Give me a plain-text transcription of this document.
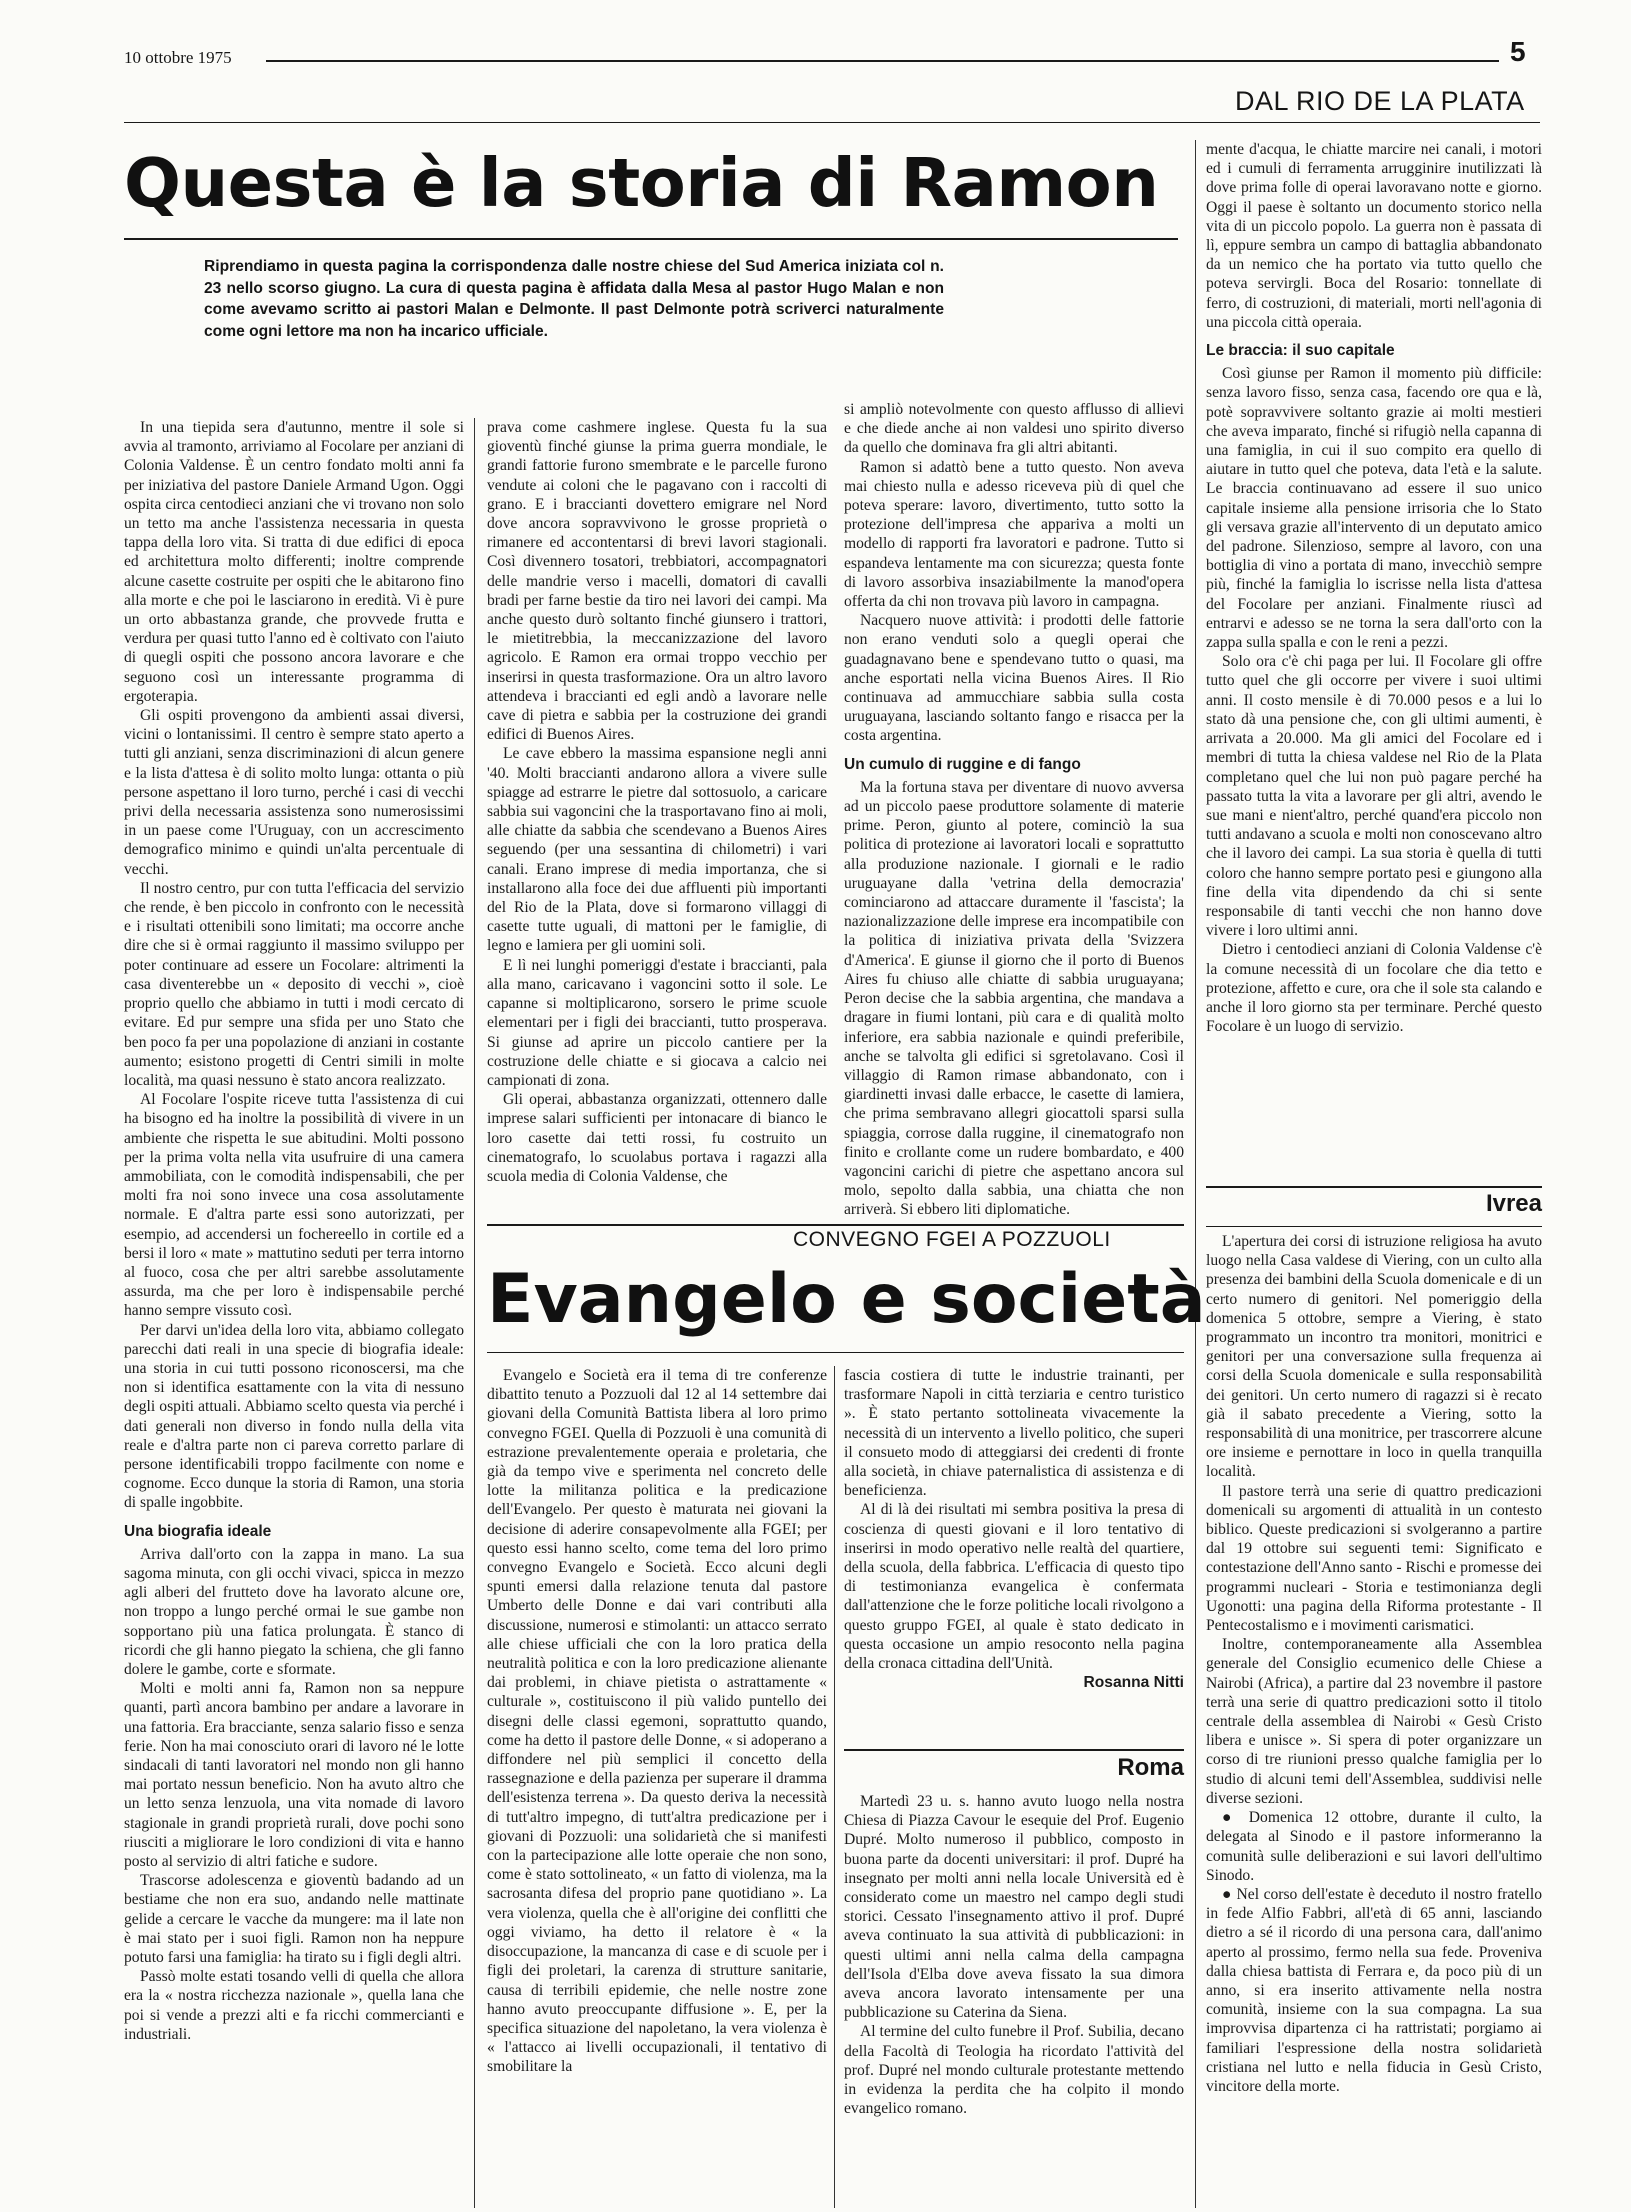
10 ottobre 1975	5
DAL RIO DE LA PLATA
Questa è la storia di Ramon
Riprendiamo in questa pagina la corrispondenza dalle nostre chiese del Sud America iniziata col n. 23 nello scorso giugno. La cura di questa pagina è affidata dalla Mesa al pastor Hugo Malan e non come avevamo scritto ai pastori Malan e Delmonte. Il past Delmonte potrà scriverci naturalmente come ogni lettore ma non ha incarico ufficiale.

In una tiepida sera d'autunno, mentre il sole si avvia al tramonto, arriviamo al Focolare per anziani di Colonia Valdense. È un centro fondato molti anni fa per iniziativa del pastore Daniele Armand Ugon. Oggi ospita circa centodieci anziani che vi trovano non solo un tetto ma anche l'assistenza necessaria in questa tappa della loro vita. Si tratta di due edifici di epoca ed architettura molto differenti; inoltre comprende alcune casette costruite per ospiti che le abitarono fino alla morte e che poi le lasciarono in eredità. Vi è pure un orto abbastanza grande, che provvede frutta e verdura per quasi tutto l'anno ed è coltivato con l'aiuto di quegli ospiti che possono ancora lavorare e che seguono così un interessante programma di ergoterapia.

Gli ospiti provengono da ambienti assai diversi, vicini o lontanissimi. Il centro è sempre stato aperto a tutti gli anziani, senza discriminazioni di alcun genere e la lista d'attesa è di solito molto lunga: ottanta o più persone aspettano il loro turno, perché i casi di vecchi privi della necessaria assistenza sono numerosissimi in un paese come l'Uruguay, con un accrescimento demografico minimo e quindi un'alta percentuale di vecchi.

Il nostro centro, pur con tutta l'efficacia del servizio che rende, è ben piccolo in confronto con le necessità e i risultati ottenibili sono limitati; ma occorre anche dire che si è ormai raggiunto il massimo sviluppo per poter continuare ad essere un Focolare: altrimenti la casa diventerebbe un « deposito di vecchi », cioè proprio quello che abbiamo in tutti i modi cercato di evitare. Ed pur sempre una sfida per uno Stato che ben poco fa per una popolazione di anziani in costante aumento; esistono progetti di Centri simili in molte località, ma quasi nessuno è stato ancora realizzato.

Al Focolare l'ospite riceve tutta l'assistenza di cui ha bisogno ed ha inoltre la possibilità di vivere in un ambiente che rispetta le sue abitudini. Molti possono per la prima volta nella vita usufruire di una camera ammobiliata, con le comodità indispensabili, che per molti fra noi sono invece una cosa assolutamente normale. E d'altra parte essi sono autorizzati, per esempio, ad accendersi un fochereello in cortile ed a bersi il loro « mate » mattutino seduti per terra intorno al fuoco, cosa che per altri sarebbe assolutamente assurda, ma che per loro è indispensabile perché hanno sempre vissuto così.

Per darvi un'idea della loro vita, abbiamo collegato parecchi dati reali in una specie di biografia ideale: una storia in cui tutti possono riconoscersi, ma che non si identifica esattamente con la vita di nessuno degli ospiti attuali. Abbiamo scelto questa via perché i dati generali non diverso in fondo nulla della vita reale e d'altra parte non ci pareva corretto parlare di persone identificabili troppo facilmente con nome e cognome. Ecco dunque la storia di Ramon, una storia di spalle ingobbite.

Una biografia ideale

Arriva dall'orto con la zappa in mano. La sua sagoma minuta, con gli occhi vivaci, spicca in mezzo agli alberi del frutteto dove ha lavorato alcune ore, non troppo a lungo perché ormai le sue gambe non sopportano più una fatica prolungata. È stanco di ricordi che gli hanno piegato la schiena, che gli fanno dolere le gambe, corte e sformate.

Molti e molti anni fa, Ramon non sa neppure quanti, partì ancora bambino per andare a lavorare in una fattoria. Era bracciante, senza salario fisso e senza ferie. Non ha mai conosciuto orari di lavoro né le lotte sindacali di tanti lavoratori nel mondo non gli hanno mai portato nessun beneficio. Non ha avuto altro che un letto senza lenzuola, una vita nomade di lavoro stagionale in grandi proprietà rurali, dove pochi sono riusciti a migliorare le loro condizioni di vita e hanno posto al servizio di altri fatiche e sudore.

Trascorse adolescenza e gioventù badando ad un bestiame che non era suo, andando nelle mattinate gelide a cercare le vacche da mungere: ma il late non è mai stato per i suoi figli. Ramon non ha neppure potuto farsi una famiglia: ha tirato su i figli degli altri.

Passò molte estati tosando velli di quella che allora era la « nostra ricchezza nazionale », quella lana che poi si vende a prezzi alti e fa ricchi commercianti e industriali.

prava come cashmere inglese. Questa fu la sua gioventù finché giunse la prima guerra mondiale, le grandi fattorie furono smembrate e le parcelle furono vendute ai coloni che le pagavano con i raccolti di grano. E i braccianti dovettero emigrare nel Nord dove ancora sopravvivono le grosse proprietà o rimanere ed accontentarsi di brevi lavori stagionali. Così divennero tosatori, trebbiatori, accompagnatori delle mandrie verso i macelli, domatori di cavalli bradi per farne bestie da tiro nei lavori dei campi. Ma anche questo durò soltanto finché giunsero i trattori, le mietitrebbia, la meccanizzazione del lavoro agricolo. E Ramon era ormai troppo vecchio per inserirsi in questa trasformazione. Ora un altro lavoro attendeva i braccianti ed egli andò a lavorare nelle cave di pietra e sabbia per la costruzione dei grandi edifici di Buenos Aires.

Le cave ebbero la massima espansione negli anni '40. Molti braccianti andarono allora a vivere sulle spiagge ad estrarre le pietre dal sottosuolo, a caricare sabbia sui vagoncini che la trasportavano fino ai moli, alle chiatte da sabbia che scendevano a Buenos Aires seguendo (per una sessantina di chilometri) i vari canali. Erano imprese di media importanza, che si installarono alla foce dei due affluenti più importanti del Rio de la Plata, dove si formarono villaggi di casette tutte uguali, di mattoni per le famiglie, di legno e lamiera per gli uomini soli.

E lì nei lunghi pomeriggi d'estate i braccianti, pala alla mano, caricavano i vagoncini sotto il sole. Le capanne si moltiplicarono, sorsero le prime scuole elementari per i figli dei braccianti, tutto prosperava. Si giunse ad aprire un piccolo cantiere per la costruzione delle chiatte e si giocava a calcio nei campionati di zona.

Gli operai, abbastanza organizzati, ottennero dalle imprese salari sufficienti per intonacare di bianco le loro casette dai tetti rossi, fu costruito un cinematografo, lo scuolabus portava i ragazzi alla scuola media di Colonia Valdense, che

si ampliò notevolmente con questo afflusso di allievi e che diede anche ai non valdesi uno spirito diverso da quello che dominava fra gli altri abitanti.

Ramon si adattò bene a tutto questo. Non aveva mai chiesto nulla e adesso riceveva più di quel che poteva sperare: lavoro, divertimento, tutto sotto la protezione dell'impresa che appariva a molti un modello di rapporti fra lavoratori e padrone. Tutto si espandeva lentamente ma con sicurezza; questa fonte di lavoro assorbiva insaziabilmente la manod'opera offerta da chi non trovava più lavoro in campagna.

Nacquero nuove attività: i prodotti delle fattorie non erano venduti solo a quegli operai che guadagnavano bene e spendevano tutto o quasi, ma anche esportati nella vicina Buenos Aires. Il Rio continuava ad ammucchiare sabbia sulla costa uruguayana, lasciando soltanto fango e risacca per la costa argentina.

Un cumulo di ruggine e di fango

Ma la fortuna stava per diventare di nuovo avversa ad un piccolo paese produttore solamente di materie prime. Peron, giunto al potere, cominciò la sua politica di protezione ai lavoratori locali e soprattutto alla produzione nazionale. I giornali e le radio uruguayane dalla 'vetrina della democrazia' cominciarono ad attaccare duramente il 'fascista'; la nazionalizzazione delle imprese era incompatibile con la politica di iniziativa privata della 'Svizzera d'America'. E giunse il giorno che il porto di Buenos Aires fu chiuso alle chiatte di sabbia uruguayana; Peron decise che la sabbia argentina, che mandava a dragare in fiumi lontani, più cara e di qualità molto inferiore, era sabbia nazionale e quindi preferibile, anche se talvolta gli edifici si sgretolavano. Così il villaggio di Ramon rimase abbandonato, con i giardinetti invasi dalle erbacce, le casette di lamiera, che prima sembravano allegri giocattoli sparsi sulla spiaggia, corrose dalla ruggine, il cinematografo non finito e crollante come un rudere bombardato, e 400 vagoncini carichi di pietre che aspettano ancora sul molo, sepolto dalla sabbia, una chiatta che non arriverà. Si ebbero liti diplomatiche.

mente d'acqua, le chiatte marcire nei canali, i motori ed i cumuli di ferramenta arrugginire inutilizzati là dove prima folle di operai lavoravano notte e giorno. Oggi il paese è soltanto un documento storico nella vita di un piccolo popolo. La guerra non è passata di lì, eppure sembra un campo di battaglia abbandonato da un nemico che ha portato via tutto quello che poteva servirgli. Boca del Rosario: tonnellate di ferro, di costruzioni, di materiali, morti nell'agonia di una piccola città operaia.

Le braccia: il suo capitale

Così giunse per Ramon il momento più difficile: senza lavoro fisso, senza casa, facendo ore qua e là, potè sopravvivere soltanto grazie ai molti mestieri che aveva imparato, finché si rifugiò nella capanna di una famiglia, in cui il suo compito era quello di aiutare in tutto quel che poteva, data l'età e la salute. Le braccia continuavano ad essere il suo unico capitale insieme alla pensione irrisoria che lo Stato gli versava grazie all'intervento di un deputato amico del padrone. Silenzioso, sempre al lavoro, con una bottiglia di vino a portata di mano, invecchiò sempre più, finché la famiglia lo iscrisse nella lista d'attesa del Focolare per anziani. Finalmente riuscì ad entrarvi e adesso se ne torna la sera dall'orto con la zappa sulla spalla e con le reni a pezzi.

Solo ora c'è chi paga per lui. Il Focolare gli offre tutto quel che gli occorre per vivere i suoi ultimi anni. Il costo mensile è di 70.000 pesos e a lui lo stato dà una pensione che, con gli ultimi aumenti, è arrivata a 20.000. Ma gli amici del Focolare ed i membri di tutta la chiesa valdese nel Rio de la Plata completano quel che lui non può pagare perché ha passato tutta la vita a lavorare per gli altri, avendo le sue mani e nient'altro, perché quand'era piccolo non tutti andavano a scuola e molti non conoscevano altro che il lavoro dei campi. La sua storia è quella di tutti coloro che hanno sempre portato pesi e giungono alla fine della vita dipendendo da chi si sente responsabile di tanti vecchi che non hanno dove vivere i loro ultimi anni.

Dietro i centodieci anziani di Colonia Valdense c'è la comune necessità di un focolare che dia tetto e protezione, affetto e cure, ora che il sole sta calando e anche il loro giorno sta per terminare. Perché questo Focolare è un luogo di servizio.

CONVEGNO FGEI A POZZUOLI
Evangelo e società

Evangelo e Società era il tema di tre conferenze dibattito tenuto a Pozzuoli dal 12 al 14 settembre dai giovani della Comunità Battista libera al loro primo convegno FGEI. Quella di Pozzuoli è una comunità di estrazione prevalentemente operaia e proletaria, che già da tempo vive e sperimenta nel concreto delle lotte la militanza politica e la predicazione dell'Evangelo. Per questo è maturata nei giovani la decisione di aderire consapevolmente alla FGEI; per questo essi hanno scelto, come tema del loro primo convegno Evangelo e Società. Ecco alcuni degli spunti emersi dalla relazione tenuta dal pastore Umberto delle Donne e dai vari contributi alla discussione, numerosi e stimolanti: un attacco serrato alle chiese ufficiali che con la loro pratica della neutralità politica e con la loro predicazione alienante dai problemi, in chiave pietista o astrattamente « culturale », costituiscono il più valido puntello dei disegni delle classi egemoni, soprattutto quando, come ha detto il pastore delle Donne, « si adoperano a diffondere nel più semplici il concetto della rassegnazione e della pazienza per superare il dramma dell'esistenza terrena ». Da questo deriva la necessità di tutt'altro impegno, di tutt'altra predicazione per i giovani di Pozzuoli: una solidarietà che si manifesti con la partecipazione alle lotte operaie che non sono, come è stato sottolineato, « un fatto di violenza, ma la sacrosanta difesa del proprio pane quotidiano ». La vera violenza, quella che è all'origine dei conflitti che oggi viviamo, ha detto il relatore è « la disoccupazione, la mancanza di case e di scuole per i figli dei proletari, la carenza di strutture sanitarie, causa di terribili epidemie, che nelle nostre zone hanno avuto preoccupante diffusione ». E, per la specifica situazione del napoletano, la vera violenza è « l'attacco ai livelli occupazionali, il tentativo di smobilitare la

fascia costiera di tutte le industrie trainanti, per trasformare Napoli in città terziaria e centro turistico ». È stato pertanto sottolineata vivacemente la necessità di un intervento a livello politico, che superi il consueto modo di atteggiarsi dei credenti di fronte alla società, in chiave paternalistica di assistenza e di beneficienza.

Al di là dei risultati mi sembra positiva la presa di coscienza di questi giovani e il loro tentativo di inserirsi in modo operativo nelle realtà del quartiere, della scuola, della fabbrica. L'efficacia di questo tipo di testimonianza evangelica è confermata dall'attenzione che le forze politiche locali rivolgono a questo gruppo FGEI, al quale è stato dedicato in questa occasione un ampio resoconto nella pagina della cronaca cittadina dell'Unità.

Rosanna Nitti
Roma

Martedì 23 u. s. hanno avuto luogo nella nostra Chiesa di Piazza Cavour le esequie del Prof. Eugenio Dupré. Molto numeroso il pubblico, composto in buona parte da docenti universitari: il prof. Dupré ha insegnato per molti anni nella locale Università ed è considerato come un maestro nel campo degli studi storici. Cessato l'insegnamento attivo il prof. Dupré aveva continuato la sua attività di pubblicazioni: in questi ultimi anni nella calma della campagna dell'Isola d'Elba dove aveva fissato la sua dimora aveva ancora lavorato intensamente per una pubblicazione su Caterina da Siena.

Al termine del culto funebre il Prof. Subilia, decano della Facoltà di Teologia ha ricordato l'attività del prof. Dupré nel mondo culturale protestante mettendo in evidenza la perdita che ha colpito il mondo evangelico romano.

Ivrea

L'apertura dei corsi di istruzione religiosa ha avuto luogo nella Casa valdese di Viering, con un culto alla presenza dei bambini della Scuola domenicale e di un certo numero di genitori. Nel pomeriggio della domenica 5 ottobre, sempre a Viering, è stato programmato un incontro tra monitori, monitrici e genitori per una conversazione sulla frequenza ai corsi della Scuola domenicale e sulla responsabilità dei genitori. Un certo numero di ragazzi si è recato già il sabato precedente a Viering, sotto la responsabilità di una monitrice, per trascorrere alcune ore insieme e pernottare in loco in quella tranquilla località.

Il pastore terrà una serie di quattro predicazioni domenicali su argomenti di attualità in un contesto biblico. Queste predicazioni si svolgeranno a partire dal 19 ottobre sui seguenti temi: Significato e contestazione dell'Anno santo - Rischi e promesse dei programmi nucleari - Storia e testimonianza degli Ugonotti: una pagina della Riforma protestante - Il Pentecostalismo e i movimenti carismatici.

Inoltre, contemporaneamente alla Assemblea generale del Consiglio ecumenico delle Chiese a Nairobi (Africa), a partire dal 23 novembre il pastore terrà una serie di quattro predicazioni sotto il titolo centrale della assemblea di Nairobi « Gesù Cristo libera e unisce ». Si spera di poter organizzare un corso di tre riunioni presso qualche famiglia per lo studio di alcuni temi dell'Assemblea, suddivisi nelle diverse sezioni.

● Domenica 12 ottobre, durante il culto, la delegata al Sinodo e il pastore informeranno la comunità sulle deliberazioni e sui lavori dell'ultimo Sinodo.

● Nel corso dell'estate è deceduto il nostro fratello in fede Alfio Fabbri, all'età di 65 anni, lasciando dietro a sé il ricordo di una persona cara, dall'animo aperto al prossimo, fermo nella sua fede. Proveniva dalla chiesa battista di Ferrara e, da poco più di un anno, si era inserito attivamente nella nostra comunità, insieme con la sua compagna. La sua improvvisa dipartenza ci ha rattristati; porgiamo ai familiari l'espressione della nostra solidarietà cristiana nel lutto e nella fiducia in Gesù Cristo, vincitore della morte.
